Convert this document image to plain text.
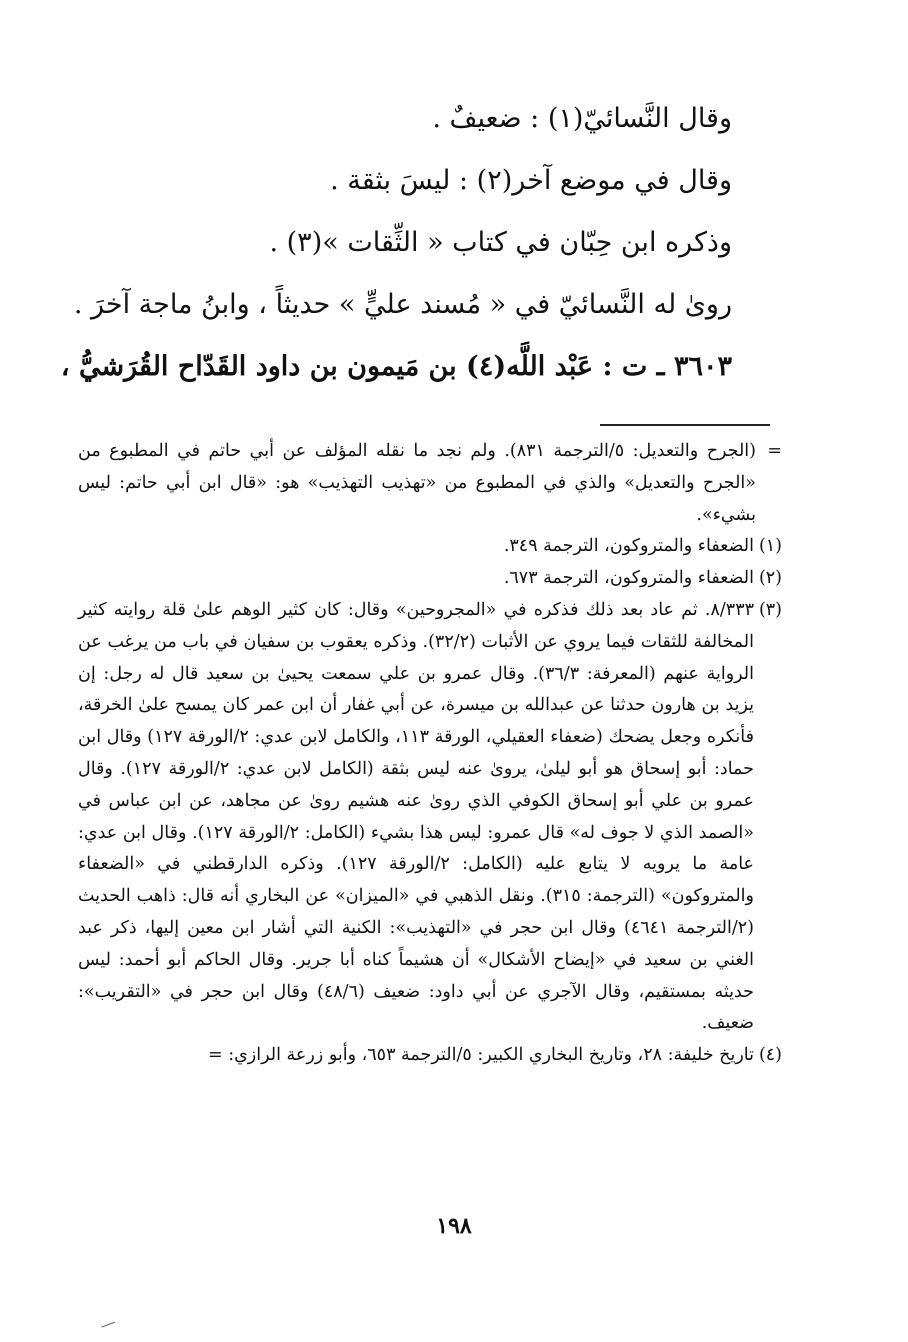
وقال النَّسائيّ(١) : ضعيفٌ .
وقال في موضع آخر(٢) : ليسَ بثقة .
وذكره ابن حِبّان في كتاب « الثِّقات »(٣) .
روىٰ له النَّسائيّ في « مُسند عليٍّ » حديثاً ، وابنُ ماجة آخرَ .
٣٦٠٣ ـ ت : عَبْد اللَّه(٤) بن مَيمون بن داود القَدّاح القُرَشيُّ ،
=
(الجرح والتعديل: ٥/الترجمة ٨٣١). ولم نجد ما نقله المؤلف عن أبي حاتم في المطبوع من «الجرح والتعديل» والذي في المطبوع من «تهذيب التهذيب» هو: «قال ابن أبي حاتم: ليس بشيء».
(١)
الضعفاء والمتروكون، الترجمة ٣٤٩.
(٢)
الضعفاء والمتروكون، الترجمة ٦٧٣.
(٣)
٨/٣٣٣. ثم عاد بعد ذلك فذكره في «المجروحين» وقال: كان كثير الوهم علىٰ قلة روايته كثير المخالفة للثقات فيما يروي عن الأثبات (٣٢/٢). وذكره يعقوب بن سفيان في باب من يرغب عن الرواية عنهم (المعرفة: ٣٦/٣). وقال عمرو بن علي سمعت يحيىٰ بن سعيد قال له رجل: إن يزيد بن هارون حدثنا عن عبدالله بن ميسرة، عن أبي غفار أن ابن عمر كان يمسح علىٰ الخرقة، فأنكره وجعل يضحك (ضعفاء العقيلي، الورقة ١١٣، والكامل لابن عدي: ٢/الورقة ١٢٧) وقال ابن حماد: أبو إسحاق هو أبو ليلىٰ، يروىٰ عنه ليس بثقة (الكامل لابن عدي: ٢/الورقة ١٢٧). وقال عمرو بن علي أبو إسحاق الكوفي الذي روىٰ عنه هشيم روىٰ عن مجاهد، عن ابن عباس في «الصمد الذي لا جوف له» قال عمرو: ليس هذا بشيء (الكامل: ٢/الورقة ١٢٧). وقال ابن عدي: عامة ما يرويه لا يتابع عليه (الكامل: ٢/الورقة ١٢٧). وذكره الدارقطني في «الضعفاء والمتروكون» (الترجمة: ٣١٥). ونقل الذهبي في «الميزان» عن البخاري أنه قال: ذاهب الحديث (٢/الترجمة ٤٦٤١) وقال ابن حجر في «التهذيب»: الكنية التي أشار ابن معين إليها، ذكر عبد الغني بن سعيد في «إيضاح الأشكال» أن هشيماً كناه أبا جرير. وقال الحاكم أبو أحمد: ليس حديثه بمستقيم، وقال الآجري عن أبي داود: ضعيف (٤٨/٦) وقال ابن حجر في «التقريب»: ضعيف.
(٤)
تاريخ خليفة: ٢٨، وتاريخ البخاري الكبير: ٥/الترجمة ٦٥٣، وأبو زرعة الرازي: =
١٩٨
